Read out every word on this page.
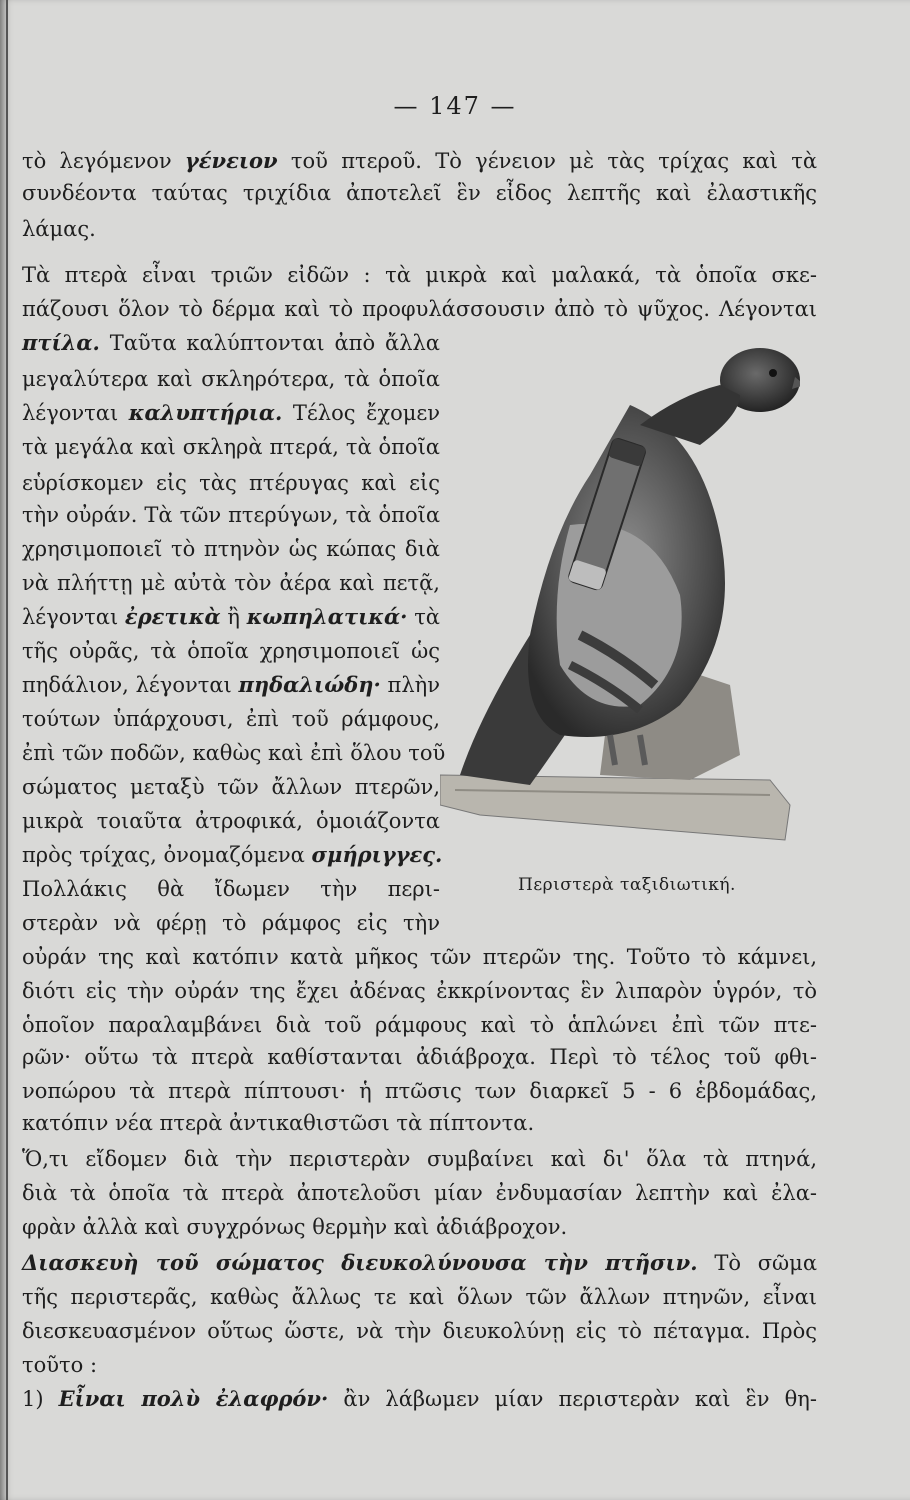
— 147 —
τὸ λεγόμενον γένειον τοῦ πτεροῦ. Τὸ γένειον μὲ τὰς τρίχας καὶ τὰ
συνδέοντα ταύτας τριχίδια ἀποτελεῖ ἓν εἶδος λεπτῆς καὶ ἐλαστικῆς
λάμας.
Τὰ πτερὰ εἶναι τριῶν εἰδῶν : τὰ μικρὰ καὶ μαλακά, τὰ ὁποῖα σκε-
πάζουσι ὅλον τὸ δέρμα καὶ τὸ προφυλάσσουσιν ἀπὸ τὸ ψῦχος. Λέγονται
πτίλα. Ταῦτα καλύπτονται ἀπὸ ἄλλα
μεγαλύτερα καὶ σκληρότερα, τὰ ὁποῖα
λέγονται καλυπτήρια. Τέλος ἔχομεν
τὰ μεγάλα καὶ σκληρὰ πτερά, τὰ ὁποῖα
εὑρίσκομεν εἰς τὰς πτέρυγας καὶ εἰς
τὴν οὐράν. Τὰ τῶν πτερύγων, τὰ ὁποῖα
χρησιμοποιεῖ τὸ πτηνὸν ὡς κώπας διὰ
νὰ πλήττῃ μὲ αὐτὰ τὸν ἀέρα καὶ πετᾷ,
λέγονται ἐρετικὰ ἢ κωπηλατικά· τὰ
τῆς οὐρᾶς, τὰ ὁποῖα χρησιμοποιεῖ ὡς
πηδάλιον, λέγονται πηδαλιώδη· πλὴν
τούτων ὑπάρχουσι, ἐπὶ τοῦ ράμφους,
ἐπὶ τῶν ποδῶν, καθὼς καὶ ἐπὶ ὅλου τοῦ
σώματος μεταξὺ τῶν ἄλλων πτερῶν,
μικρὰ τοιαῦτα ἀτροφικά, ὁμοιάζοντα
πρὸς τρίχας, ὀνομαζόμενα σμήριγγες.
Πολλάκις θὰ ἴδωμεν τὴν περι-
στερὰν νὰ φέρῃ τὸ ράμφος εἰς τὴν
οὐράν της καὶ κατόπιν κατὰ μῆκος τῶν πτερῶν της. Τοῦτο τὸ κάμνει,
διότι εἰς τὴν οὐράν της ἔχει ἀδένας ἐκκρίνοντας ἓν λιπαρὸν ὑγρόν, τὸ
ὁποῖον παραλαμβάνει διὰ τοῦ ράμφους καὶ τὸ ἁπλώνει ἐπὶ τῶν πτε-
ρῶν· οὕτω τὰ πτερὰ καθίστανται ἀδιάβροχα. Περὶ τὸ τέλος τοῦ φθι-
νοπώρου τὰ πτερὰ πίπτουσι· ἡ πτῶσις των διαρκεῖ 5 - 6 ἑβδομάδας,
κατόπιν νέα πτερὰ ἀντικαθιστῶσι τὰ πίπτοντα.
Ὅ,τι εἴδομεν διὰ τὴν περιστερὰν συμβαίνει καὶ δι' ὅλα τὰ πτηνά,
διὰ τὰ ὁποῖα τὰ πτερὰ ἀποτελοῦσι μίαν ἐνδυμασίαν λεπτὴν καὶ ἐλα-
φρὰν ἀλλὰ καὶ συγχρόνως θερμὴν καὶ ἀδιάβροχον.
Διασκευὴ τοῦ σώματος διευκολύνουσα τὴν πτῆσιν. Τὸ σῶμα
τῆς περιστερᾶς, καθὼς ἄλλως τε καὶ ὅλων τῶν ἄλλων πτηνῶν, εἶναι
διεσκευασμένον οὕτως ὥστε, νὰ τὴν διευκολύνῃ εἰς τὸ πέταγμα. Πρὸς
τοῦτο :
1) Εἶναι πολὺ ἐλαφρόν· ἂν λάβωμεν μίαν περιστερὰν καὶ ἓν θη-
Περιστερὰ ταξιδιωτική.
